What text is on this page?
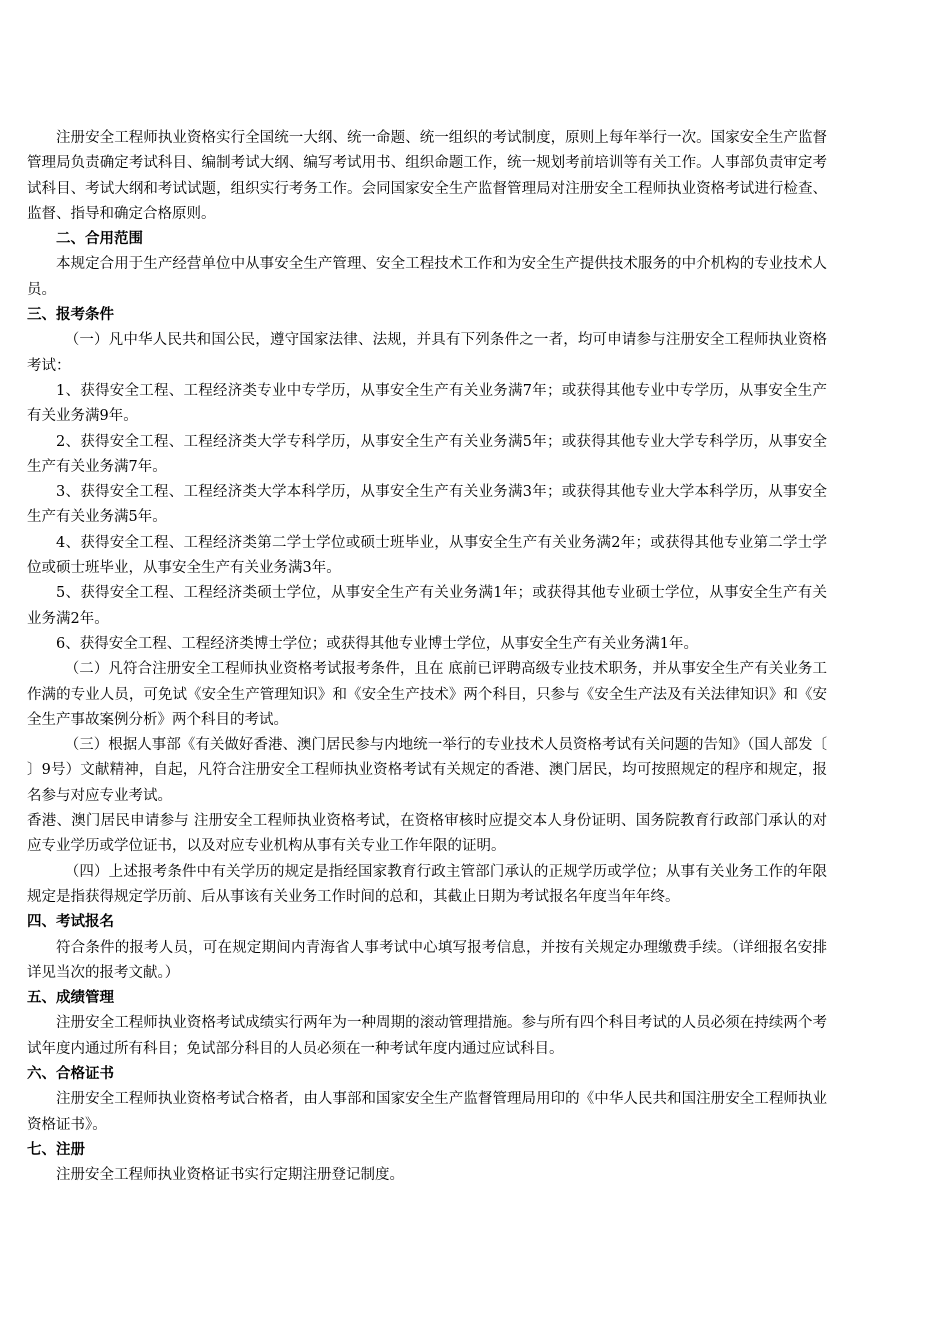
注册安全工程师执业资格实行全国统一大纲、统一命题、统一组织的考试制度，原则上每年举行一次。国家安全生产监督管理局负责确定考试科目、编制考试大纲、编写考试用书、组织命题工作，统一规划考前培训等有关工作。人事部负责审定考试科目、考试大纲和考试试题，组织实行考务工作。会同国家安全生产监督管理局对注册安全工程师执业资格考试进行检查、监督、指导和确定合格原则。

二、合用范围

本规定合用于生产经营单位中从事安全生产管理、安全工程技术工作和为安全生产提供技术服务的中介机构的专业技术人员。

三、报考条件

（一）凡中华人民共和国公民，遵守国家法律、法规，并具有下列条件之一者，均可申请参与注册安全工程师执业资格考试：

1、获得安全工程、工程经济类专业中专学历，从事安全生产有关业务满7年；或获得其他专业中专学历，从事安全生产有关业务满9年。

2、获得安全工程、工程经济类大学专科学历，从事安全生产有关业务满5年；或获得其他专业大学专科学历，从事安全生产有关业务满7年。

3、获得安全工程、工程经济类大学本科学历，从事安全生产有关业务满3年；或获得其他专业大学本科学历，从事安全生产有关业务满5年。

4、获得安全工程、工程经济类第二学士学位或硕士班毕业，从事安全生产有关业务满2年；或获得其他专业第二学士学位或硕士班毕业，从事安全生产有关业务满3年。

5、获得安全工程、工程经济类硕士学位，从事安全生产有关业务满1年；或获得其他专业硕士学位，从事安全生产有关业务满2年。

6、获得安全工程、工程经济类博士学位；或获得其他专业博士学位，从事安全生产有关业务满1年。

（二）凡符合注册安全工程师执业资格考试报考条件，且在 底前已评聘高级专业技术职务，并从事安全生产有关业务工作满的专业人员，可免试《安全生产管理知识》和《安全生产技术》两个科目，只参与《安全生产法及有关法律知识》和《安全生产事故案例分析》两个科目的考试。

（三）根据人事部《有关做好香港、澳门居民参与内地统一举行的专业技术人员资格考试有关问题的告知》（国人部发〔 〕9号）文献精神，自起，凡符合注册安全工程师执业资格考试有关规定的香港、澳门居民，均可按照规定的程序和规定，报名参与对应专业考试。

香港、澳门居民申请参与 注册安全工程师执业资格考试，在资格审核时应提交本人身份证明、国务院教育行政部门承认的对应专业学历或学位证书，以及对应专业机构从事有关专业工作年限的证明。

（四）上述报考条件中有关学历的规定是指经国家教育行政主管部门承认的正规学历或学位；从事有关业务工作的年限规定是指获得规定学历前、后从事该有关业务工作时间的总和，其截止日期为考试报名年度当年年终。

四、考试报名

符合条件的报考人员，可在规定期间内青海省人事考试中心填写报考信息，并按有关规定办理缴费手续。（详细报名安排详见当次的报考文献。）

五、成绩管理

注册安全工程师执业资格考试成绩实行两年为一种周期的滚动管理措施。参与所有四个科目考试的人员必须在持续两个考试年度内通过所有科目；免试部分科目的人员必须在一种考试年度内通过应试科目。

六、合格证书

注册安全工程师执业资格考试合格者，由人事部和国家安全生产监督管理局用印的《中华人民共和国注册安全工程师执业资格证书》。

七、注册

注册安全工程师执业资格证书实行定期注册登记制度。
